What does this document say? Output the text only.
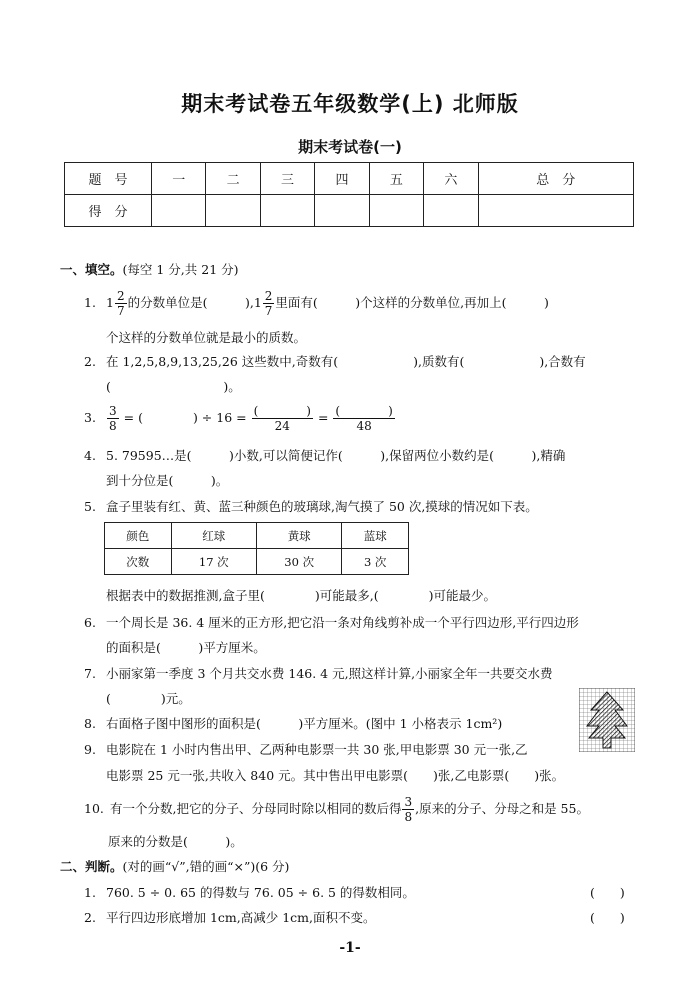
期末考试卷五年级数学(上) 北师版
期末考试卷(一)
题　号	一	二	三	四	五	六	总　分
得　分							
一、填空。(每空 1 分,共 21 分)
1. $1 \frac{2}{7}$ 的分数单位是(　　　)$,1 \frac{2}{7}$ 里面有(　　　)个这样的分数单位,再加上(　　　)
个这样的分数单位就是最小的质数。
2. 在 1,2,5,8,9,13,25,26 这些数中,奇数有(　　　　　　),质数有(　　　　　　),合数有
(　　　　　　　　　)。
3. $\frac{3}{8}$ = (　　　　) ÷ $16 = \frac{( )}{24} = \frac{( )}{48}$
4. 5. 79595…是(　　　)小数,可以简便记作(　　　),保留两位小数约是(　　　),精确
到十分位是(　　　)。
5. 盒子里装有红、黄、蓝三种颜色的玻璃球,淘气摸了 50 次,摸球的情况如下表。
颜色	红球	黄球	蓝球
次数	17 次	30 次	3 次
根据表中的数据推测,盒子里(　　　　)可能最多,(　　　　)可能最少。
6. 一个周长是 36. 4 厘米的正方形,把它沿一条对角线剪补成一个平行四边形,平行四边形
的面积是(　　　)平方厘米。
7. 小丽家第一季度 3 个月共交水费 146. 4 元,照这样计算,小丽家全年一共要交水费
(　　　　)元。
8. 右面格子图中图形的面积是(　　　)平方厘米。(图中 1 小格表示 1cm²)
9. 电影院在 1 小时内售出甲、乙两种电影票一共 30 张,甲电影票 30 元一张,乙
电影票 25 元一张,共收入 840 元。其中售出甲电影票(　　)张,乙电影票(　　)张。
10. 有一个分数,把它的分子、分母同时除以相同的数后得 $\frac{3}{8}$ ,原来的分子、分母之和是 55。
原来的分数是(　　　)。
二、判断。(对的画“√”,错的画“×”)(6 分)
1. 760. 5 ÷ 0. 65 的得数与 76. 05 ÷ 6. 5 的得数相同。	(　　)
2. 平行四边形底增加 1cm,高减少 1cm,面积不变。	(　　)
-1-
